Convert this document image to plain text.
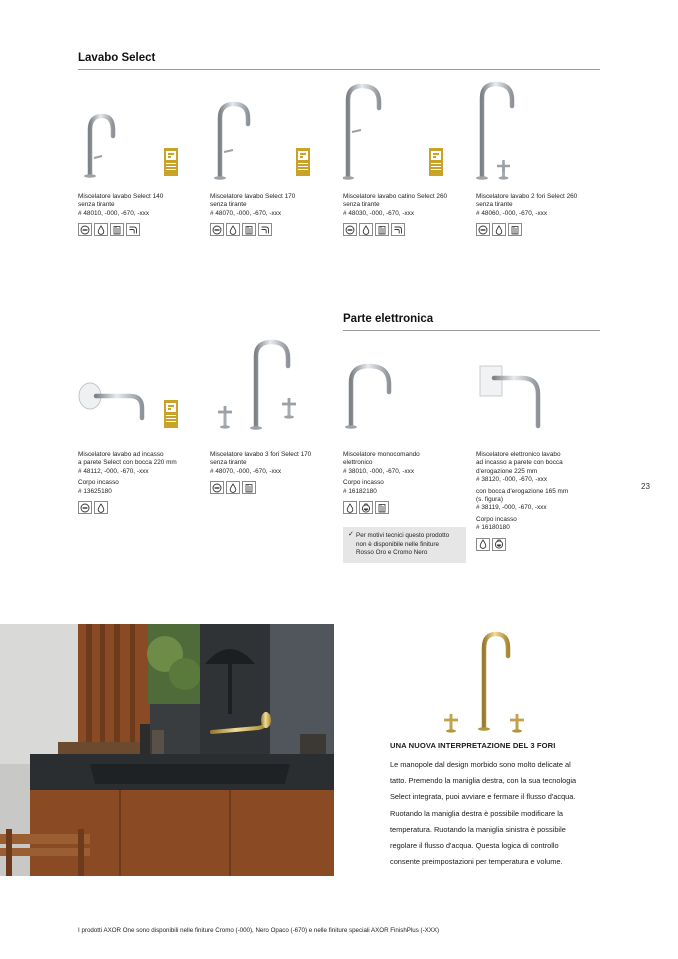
Lavabo Select
Miscelatore lavabo Select 140
senza tirante
# 48010, -000, -670, -xxx
Miscelatore lavabo Select 170
senza tirante
# 48070, -000, -670, -xxx
Miscelatore lavabo catino Select 260
senza tirante
# 48030, -000, -670, -xxx
Miscelatore lavabo 2 fori Select 260
senza tirante
# 48060, -000, -670, -xxx
Parte elettronica
Miscelatore lavabo ad incasso
a parete Select con bocca 220 mm
# 48112, -000, -670, -xxx
Corpo incasso
# 13625180
Miscelatore lavabo 3 fori Select 170
senza tirante
# 48070, -000, -670, -xxx
Miscelatore monocomando
elettronico
# 38010, -000, -670, -xxx
Corpo incasso
# 16182180
Miscelatore elettronico lavabo
ad incasso a parete con bocca
d'erogazione 225 mm
# 38120, -000, -670, -xxx
con bocca d'erogazione 165 mm
(s. figura)
# 38119, -000, -670, -xxx
Corpo incasso
# 16180180
✓ Per motivi tecnici questo prodotto
non è disponibile nelle finiture
Rosso Oro e Cromo Nero
23
UNA NUOVA INTERPRETAZIONE DEL 3 FORI
Le manopole dal design morbido sono molto delicate al
tatto. Premendo la maniglia destra, con la sua tecnologia
Select integrata, puoi avviare e fermare il flusso d'acqua.
Ruotando la maniglia destra è possibile modificare la
temperatura. Ruotando la maniglia sinistra è possibile
regolare il flusso d'acqua. Questa logica di controllo
consente preimpostazioni per temperatura e volume.
I prodotti AXOR One sono disponibili nelle finiture Cromo (-000), Nero Opaco (-670) e nelle finiture speciali AXOR FinishPlus (-XXX)
